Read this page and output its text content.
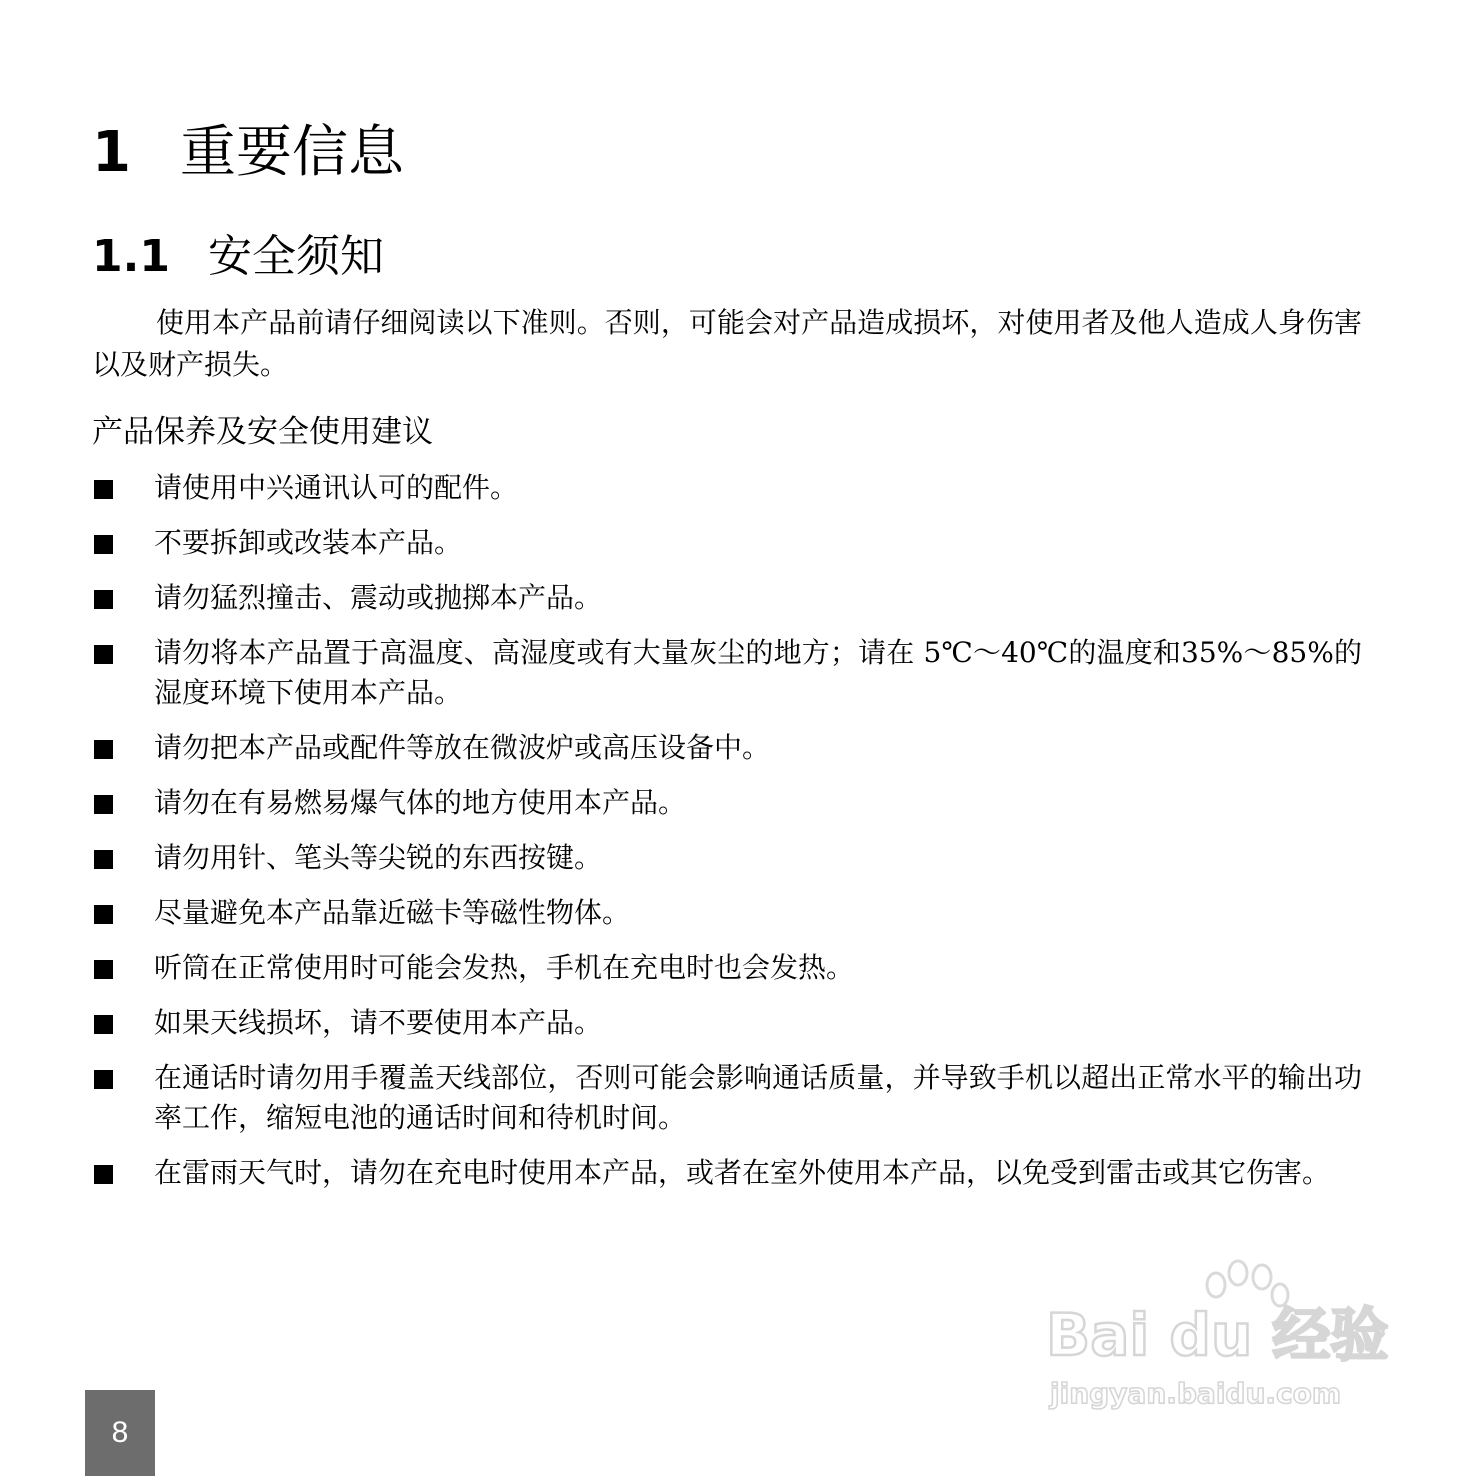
1 重要信息
1.1 安全须知

使用本产品前请仔细阅读以下准则。否则，可能会对产品造成损坏，对使用者及他人造成人身伤害以及财产损失。

产品保养及安全使用建议
请使用中兴通讯认可的配件。
不要拆卸或改装本产品。
请勿猛烈撞击、震动或抛掷本产品。
请勿将本产品置于高温度、高湿度或有大量灰尘的地方；请在 5℃～40℃的温度和35%～85%的湿度环境下使用本产品。
请勿把本产品或配件等放在微波炉或高压设备中。
请勿在有易燃易爆气体的地方使用本产品。
请勿用针、笔头等尖锐的东西按键。
尽量避免本产品靠近磁卡等磁性物体。
听筒在正常使用时可能会发热，手机在充电时也会发热。
如果天线损坏，请不要使用本产品。
在通话时请勿用手覆盖天线部位，否则可能会影响通话质量，并导致手机以超出正常水平的输出功率工作，缩短电池的通话时间和待机时间。
在雷雨天气时，请勿在充电时使用本产品，或者在室外使用本产品，以免受到雷击或其它伤害。
8
Bai du 经验
jingyan.baidu.com
